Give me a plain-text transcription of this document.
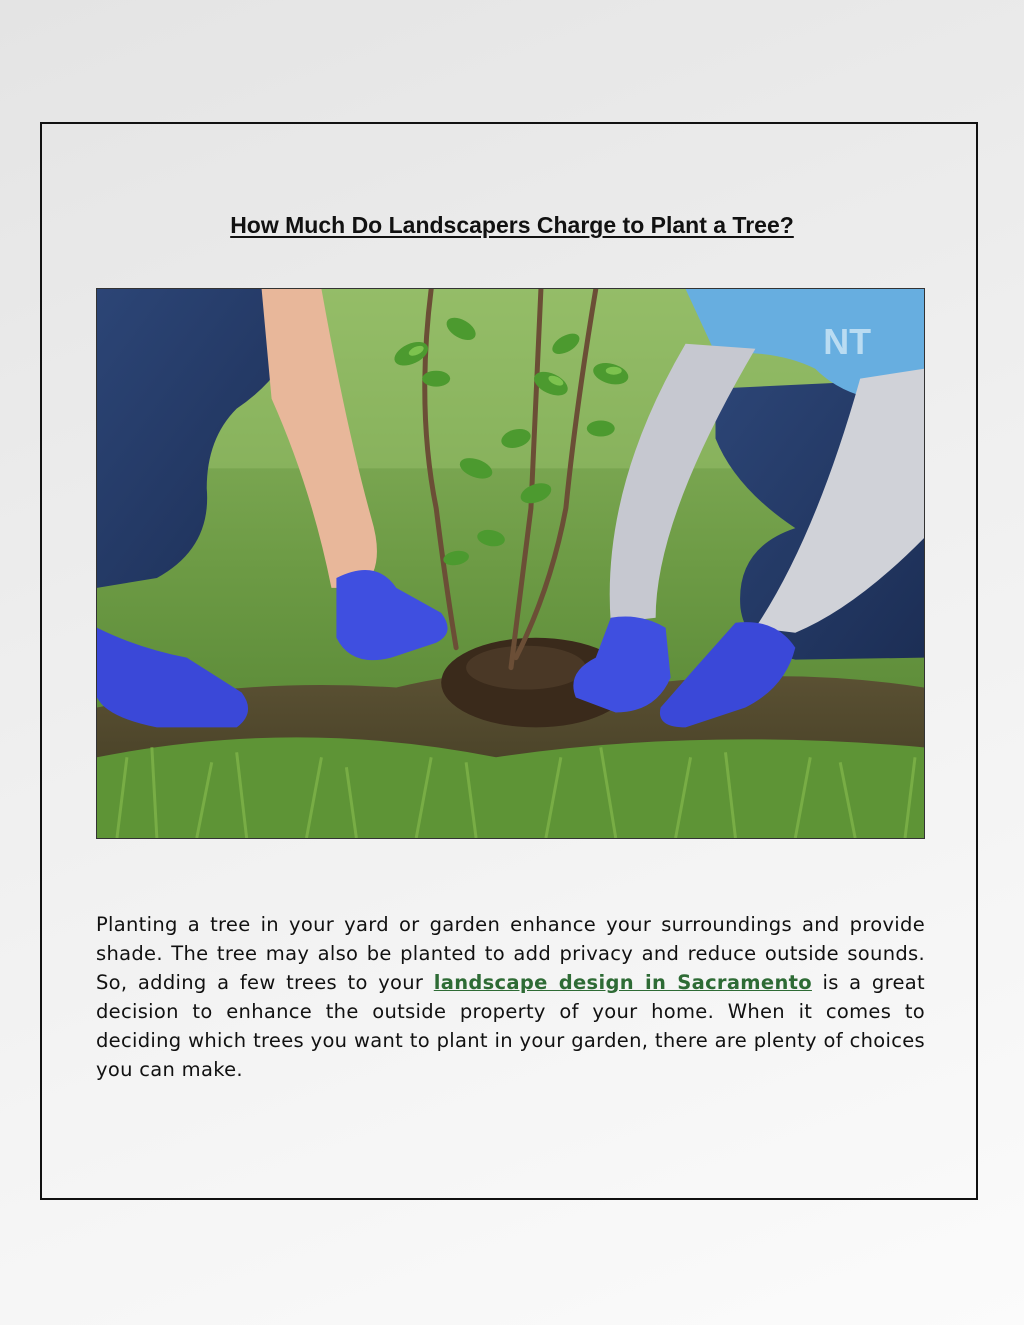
How Much Do Landscapers Charge to Plant a Tree?
NT

Planting a tree in your yard or garden enhance your surroundings and provide shade. The tree may also be planted to add privacy and reduce outside sounds. So, adding a few trees to your landscape design in Sacramento is a great decision to enhance the outside property of your home. When it comes to deciding which trees you want to plant in your garden, there are plenty of choices you can make.
